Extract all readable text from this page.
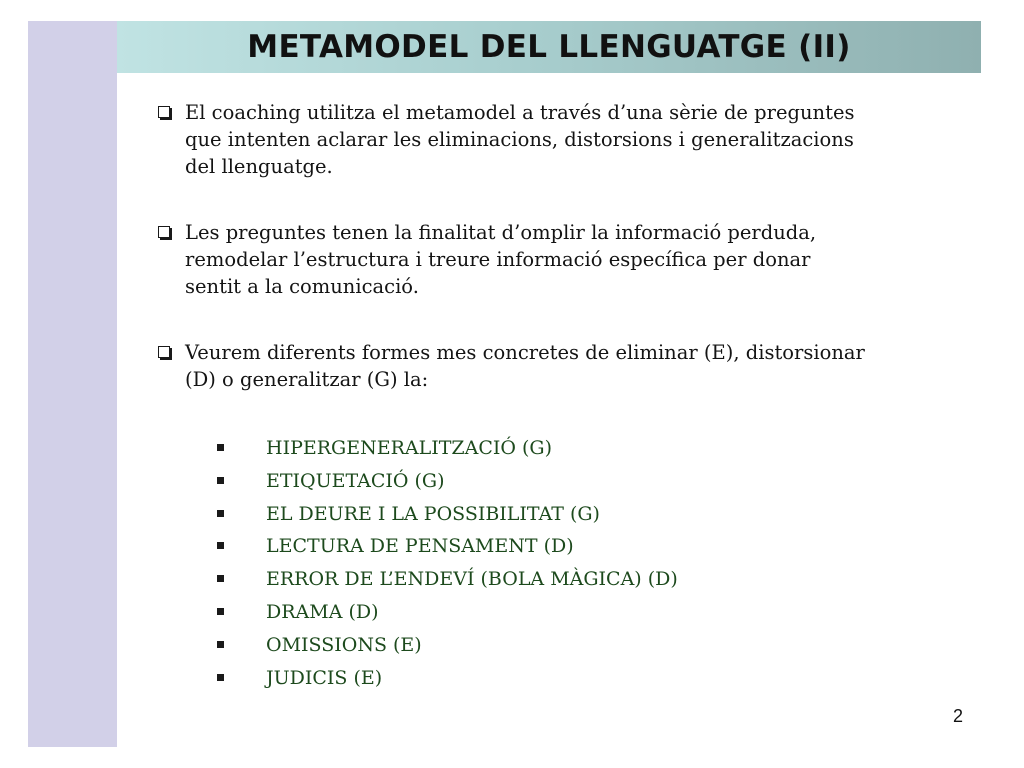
METAMODEL DEL LLENGUATGE (II)
El coaching utilitza el metamodel a través d’una sèrie de preguntes
que intenten aclarar les eliminacions, distorsions i generalitzacions
del llenguatge.
Les preguntes tenen la finalitat d’omplir la informació perduda,
remodelar l’estructura i treure informació específica per donar
sentit a la comunicació.
Veurem diferents formes mes concretes de eliminar (E), distorsionar
(D) o generalitzar (G) la:
HIPERGENERALITZACIÓ (G)
ETIQUETACIÓ (G)
EL DEURE I LA POSSIBILITAT (G)
LECTURA DE PENSAMENT (D)
ERROR DE L’ENDEVÍ (BOLA MÀGICA) (D)
DRAMA (D)
OMISSIONS (E)
JUDICIS (E)
2
